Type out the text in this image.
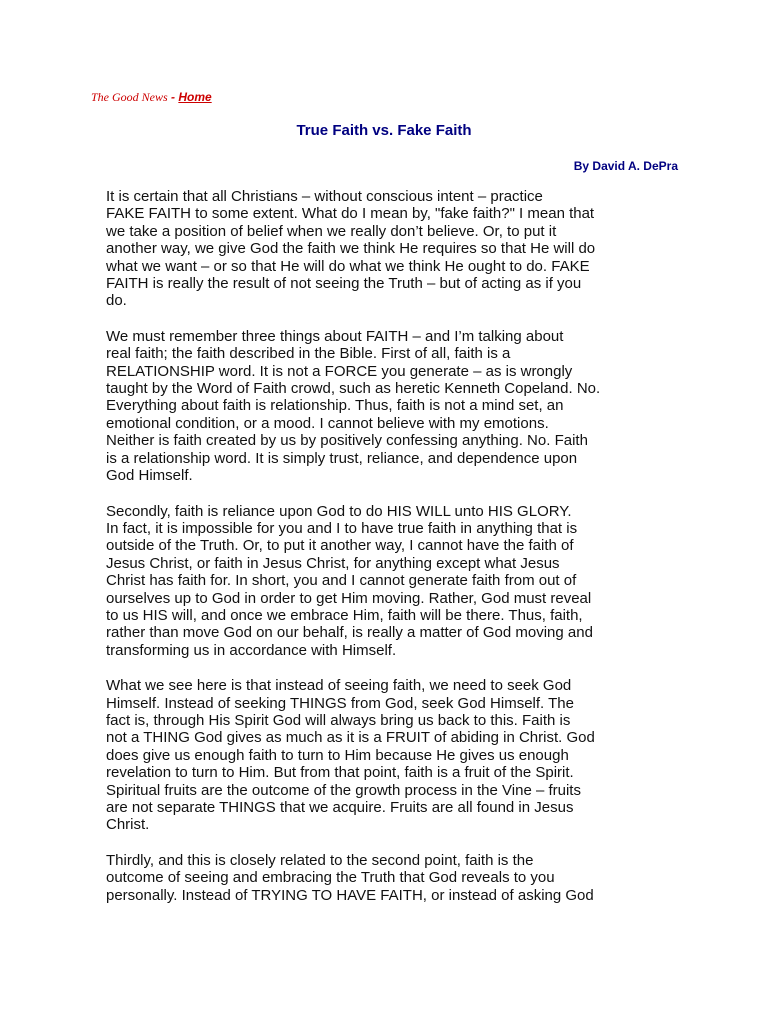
The Good News - Home
True Faith vs. Fake Faith
By David A. DePra

It is certain that all Christians – without conscious intent – practice
FAKE FAITH to some extent. What do I mean by, "fake faith?" I mean that
we take a position of belief when we really don’t believe. Or, to put it
another way, we give God the faith we think He requires so that He will do
what we want – or so that He will do what we think He ought to do. FAKE
FAITH is really the result of not seeing the Truth – but of acting as if you
do.

We must remember three things about FAITH – and I’m talking about
real faith; the faith described in the Bible. First of all, faith is a
RELATIONSHIP word. It is not a FORCE you generate – as is wrongly
taught by the Word of Faith crowd, such as heretic Kenneth Copeland. No.
Everything about faith is relationship. Thus, faith is not a mind set, an
emotional condition, or a mood. I cannot believe with my emotions.
Neither is faith created by us by positively confessing anything. No. Faith
is a relationship word. It is simply trust, reliance, and dependence upon
God Himself.

Secondly, faith is reliance upon God to do HIS WILL unto HIS GLORY.
In fact, it is impossible for you and I to have true faith in anything that is
outside of the Truth. Or, to put it another way, I cannot have the faith of
Jesus Christ, or faith in Jesus Christ, for anything except what Jesus
Christ has faith for. In short, you and I cannot generate faith from out of
ourselves up to God in order to get Him moving. Rather, God must reveal
to us HIS will, and once we embrace Him, faith will be there. Thus, faith,
rather than move God on our behalf, is really a matter of God moving and
transforming us in accordance with Himself.

What we see here is that instead of seeing faith, we need to seek God
Himself. Instead of seeking THINGS from God, seek God Himself. The
fact is, through His Spirit God will always bring us back to this. Faith is
not a THING God gives as much as it is a FRUIT of abiding in Christ. God
does give us enough faith to turn to Him because He gives us enough
revelation to turn to Him. But from that point, faith is a fruit of the Spirit.
Spiritual fruits are the outcome of the growth process in the Vine – fruits
are not separate THINGS that we acquire. Fruits are all found in Jesus
Christ.

Thirdly, and this is closely related to the second point, faith is the
outcome of seeing and embracing the Truth that God reveals to you
personally. Instead of TRYING TO HAVE FAITH, or instead of asking God
